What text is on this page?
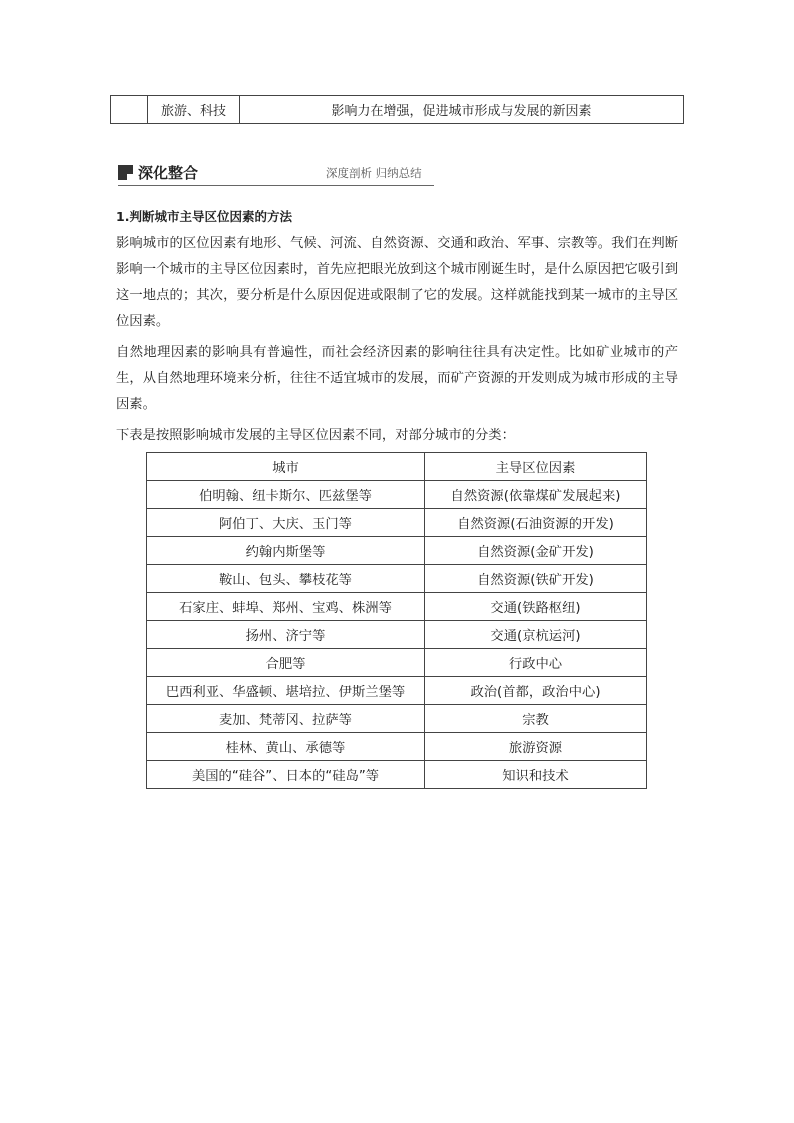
	旅游、科技	影响力在增强，促进城市形成与发展的新因素
深化整合	深度剖析 归纳总结
1.判断城市主导区位因素的方法

影响城市的区位因素有地形、气候、河流、自然资源、交通和政治、军事、宗教等。我们在判断影响一个城市的主导区位因素时，首先应把眼光放到这个城市刚诞生时，是什么原因把它吸引到这一地点的；其次，要分析是什么原因促进或限制了它的发展。这样就能找到某一城市的主导区位因素。

自然地理因素的影响具有普遍性，而社会经济因素的影响往往具有决定性。比如矿业城市的产生，从自然地理环境来分析，往往不适宜城市的发展，而矿产资源的开发则成为城市形成的主导因素。

下表是按照影响城市发展的主导区位因素不同，对部分城市的分类：
城市	主导区位因素
伯明翰、纽卡斯尔、匹兹堡等	自然资源(依靠煤矿发展起来)
阿伯丁、大庆、玉门等	自然资源(石油资源的开发)
约翰内斯堡等	自然资源(金矿开发)
鞍山、包头、攀枝花等	自然资源(铁矿开发)
石家庄、蚌埠、郑州、宝鸡、株洲等	交通(铁路枢纽)
扬州、济宁等	交通(京杭运河)
合肥等	行政中心
巴西利亚、华盛顿、堪培拉、伊斯兰堡等	政治(首都，政治中心)
麦加、梵蒂冈、拉萨等	宗教
桂林、黄山、承德等	旅游资源
美国的“硅谷”、日本的“硅岛”等	知识和技术
